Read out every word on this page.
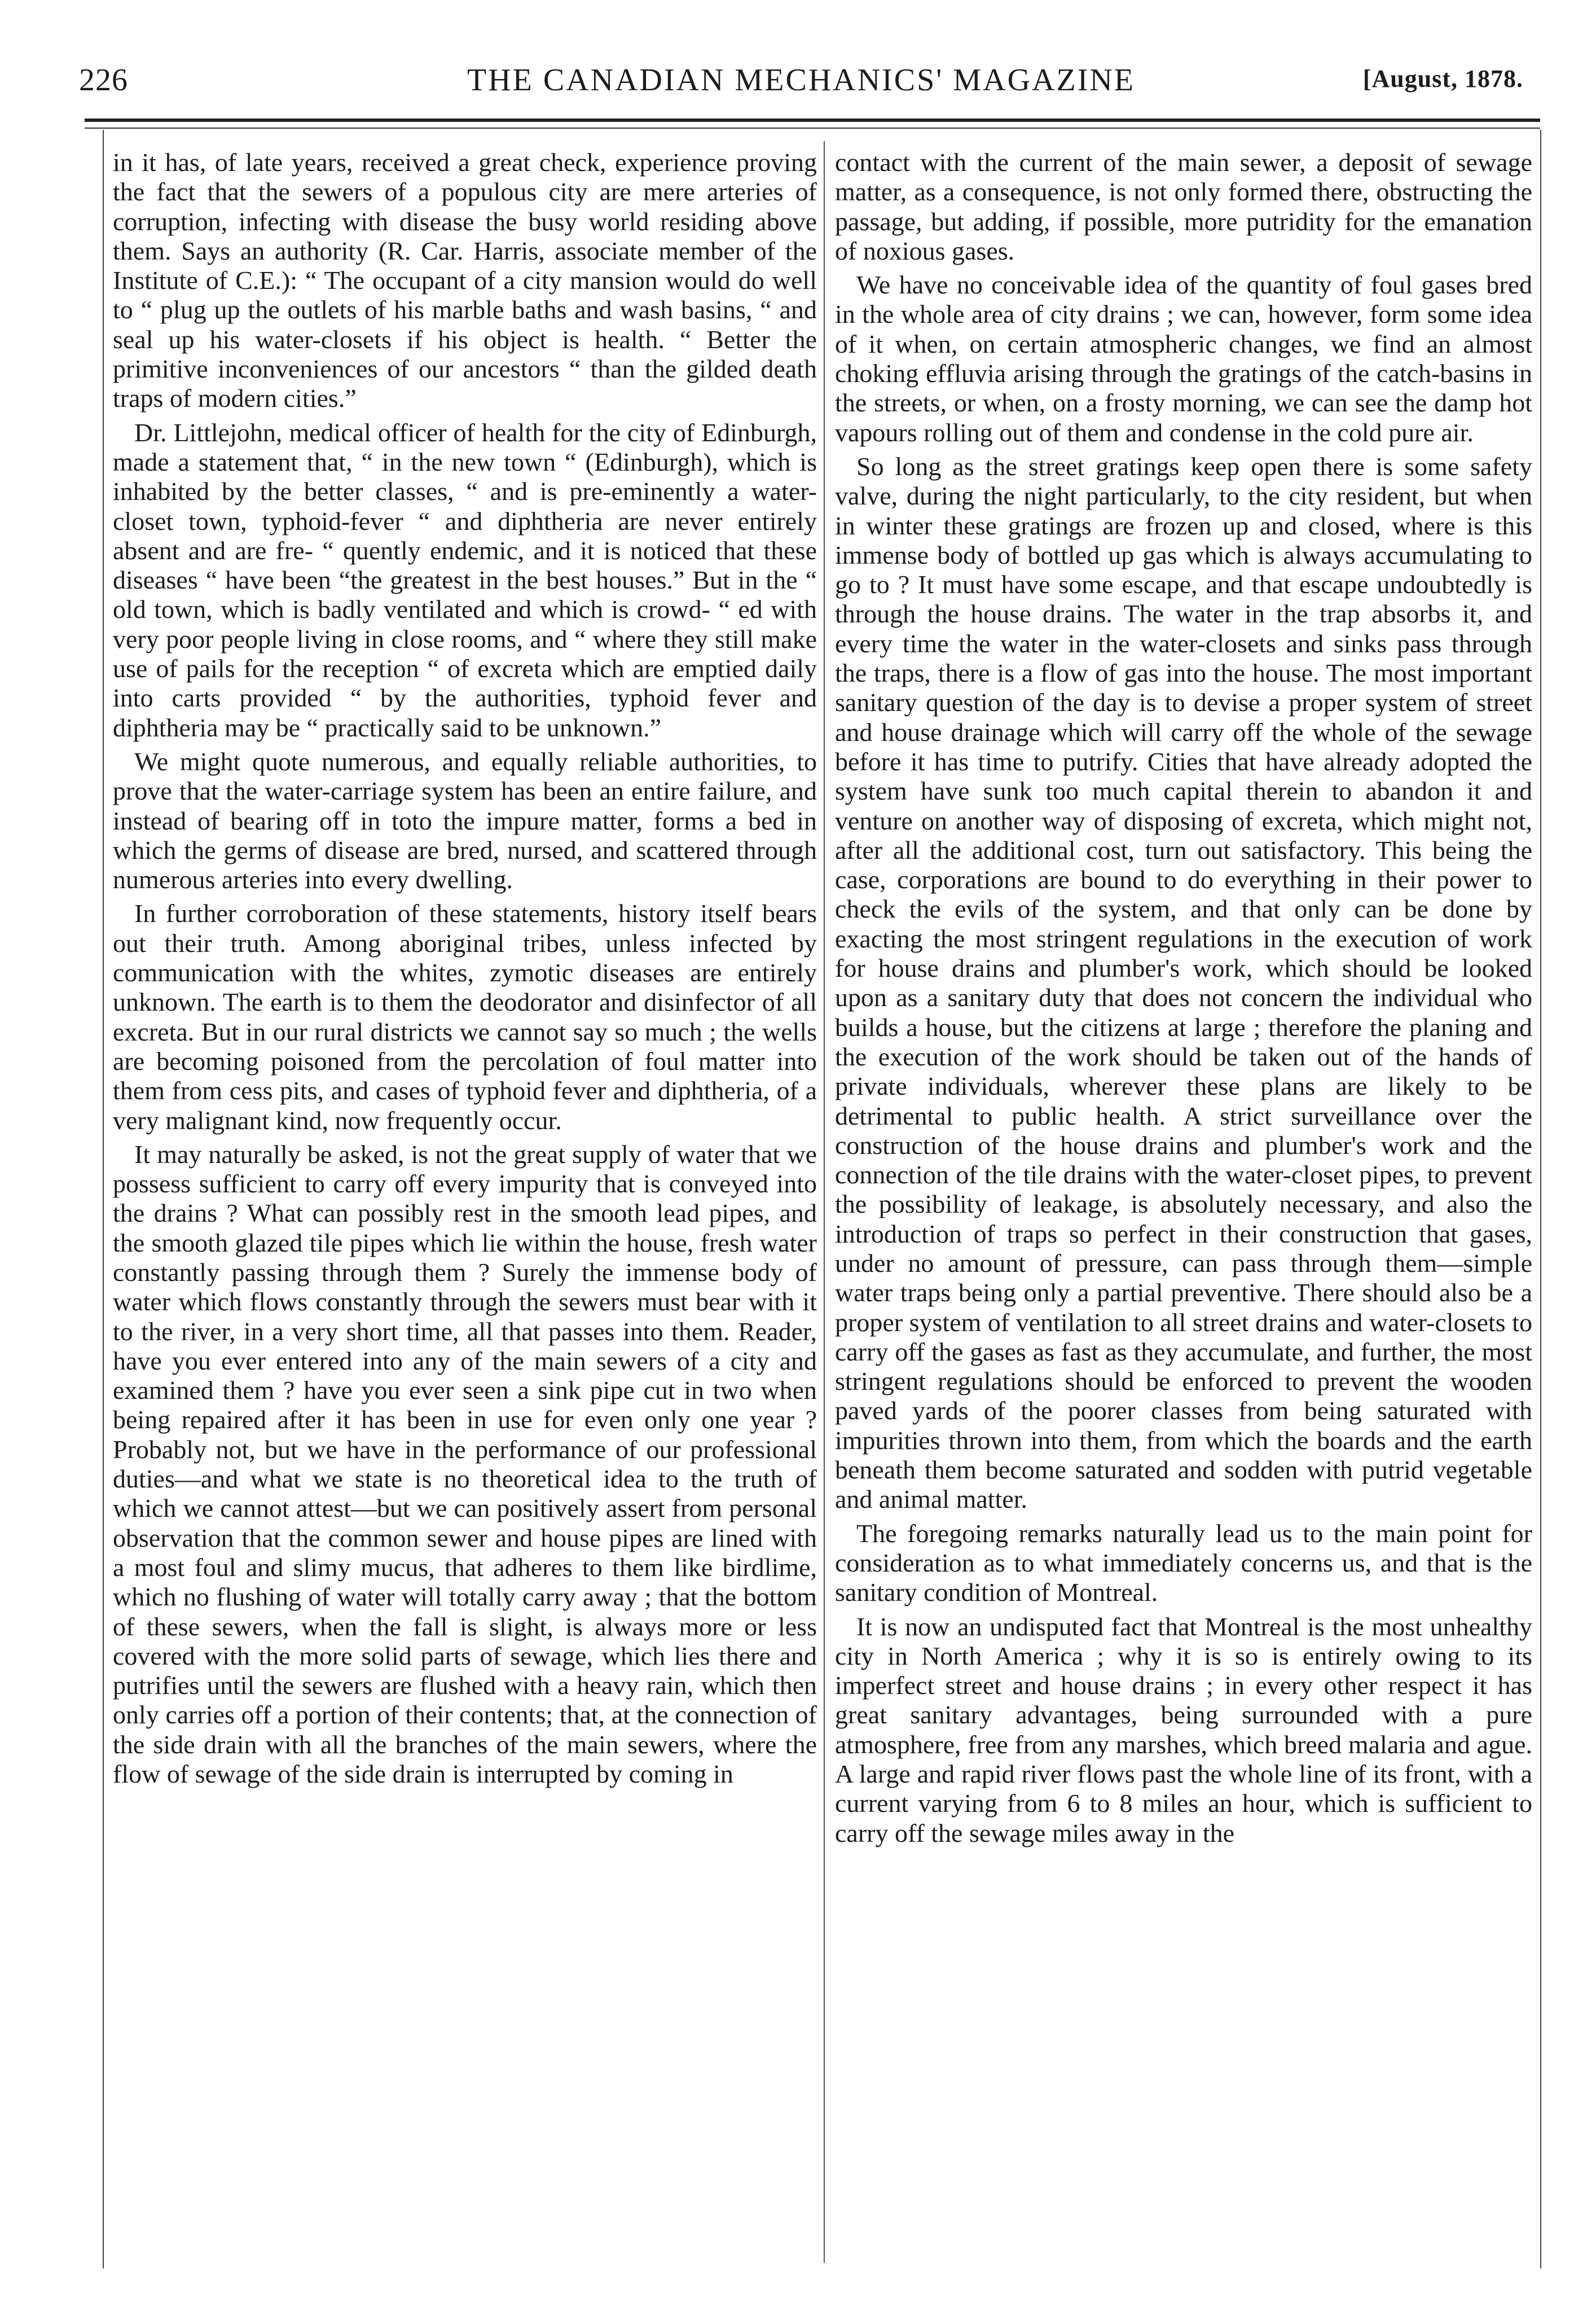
226	THE CANADIAN MECHANICS' MAGAZINE	[August, 1878.

in it has, of late years, received a great check, experience proving the fact that the sewers of a populous city are mere arteries of corruption, infecting with disease the busy world residing above them. Says an authority (R. Car. Harris, associate member of the Institute of C.E.): “ The occupant of a city mansion would do well to “ plug up the outlets of his marble baths and wash basins, “ and seal up his water-closets if his object is health. “ Better the primitive inconveniences of our ancestors “ than the gilded death traps of modern cities.”

Dr. Littlejohn, medical officer of health for the city of Edinburgh, made a statement that, “ in the new town “ (Edinburgh), which is inhabited by the better classes, “ and is pre-eminently a water-closet town, typhoid-fever “ and diphtheria are never entirely absent and are fre- “ quently endemic, and it is noticed that these diseases “ have been “the greatest in the best houses.” But in the “ old town, which is badly ventilated and which is crowd- “ ed with very poor people living in close rooms, and “ where they still make use of pails for the reception “ of excreta which are emptied daily into carts provided “ by the authorities, typhoid fever and diphtheria may be “ practically said to be unknown.”

We might quote numerous, and equally reliable authorities, to prove that the water-carriage system has been an entire failure, and instead of bearing off in toto the impure matter, forms a bed in which the germs of disease are bred, nursed, and scattered through numerous arteries into every dwelling.

In further corroboration of these statements, history itself bears out their truth. Among aboriginal tribes, unless infected by communication with the whites, zymotic diseases are entirely unknown. The earth is to them the deodorator and disinfector of all excreta. But in our rural districts we cannot say so much ; the wells are becoming poisoned from the percolation of foul matter into them from cess pits, and cases of typhoid fever and diphtheria, of a very malignant kind, now frequently occur.

It may naturally be asked, is not the great supply of water that we possess sufficient to carry off every impurity that is conveyed into the drains ? What can possibly rest in the smooth lead pipes, and the smooth glazed tile pipes which lie within the house, fresh water constantly passing through them ? Surely the immense body of water which flows constantly through the sewers must bear with it to the river, in a very short time, all that passes into them. Reader, have you ever entered into any of the main sewers of a city and examined them ? have you ever seen a sink pipe cut in two when being repaired after it has been in use for even only one year ? Probably not, but we have in the performance of our professional duties—and what we state is no theoretical idea to the truth of which we cannot attest—but we can positively assert from personal observation that the common sewer and house pipes are lined with a most foul and slimy mucus, that adheres to them like birdlime, which no flushing of water will totally carry away ; that the bottom of these sewers, when the fall is slight, is always more or less covered with the more solid parts of sewage, which lies there and putrifies until the sewers are flushed with a heavy rain, which then only carries off a portion of their contents; that, at the connection of the side drain with all the branches of the main sewers, where the flow of sewage of the side drain is interrupted by coming in

contact with the current of the main sewer, a deposit of sewage matter, as a consequence, is not only formed there, obstructing the passage, but adding, if possible, more putridity for the emanation of noxious gases.

We have no conceivable idea of the quantity of foul gases bred in the whole area of city drains ; we can, however, form some idea of it when, on certain atmospheric changes, we find an almost choking effluvia arising through the gratings of the catch-basins in the streets, or when, on a frosty morning, we can see the damp hot vapours rolling out of them and condense in the cold pure air.

So long as the street gratings keep open there is some safety valve, during the night particularly, to the city resident, but when in winter these gratings are frozen up and closed, where is this immense body of bottled up gas which is always accumulating to go to ? It must have some escape, and that escape undoubtedly is through the house drains. The water in the trap absorbs it, and every time the water in the water-closets and sinks pass through the traps, there is a flow of gas into the house. The most important sanitary question of the day is to devise a proper system of street and house drainage which will carry off the whole of the sewage before it has time to putrify. Cities that have already adopted the system have sunk too much capital therein to abandon it and venture on another way of disposing of excreta, which might not, after all the additional cost, turn out satisfactory. This being the case, corporations are bound to do everything in their power to check the evils of the system, and that only can be done by exacting the most stringent regulations in the execution of work for house drains and plumber's work, which should be looked upon as a sanitary duty that does not concern the individual who builds a house, but the citizens at large ; therefore the planing and the execution of the work should be taken out of the hands of private individuals, wherever these plans are likely to be detrimental to public health. A strict surveillance over the construction of the house drains and plumber's work and the connection of the tile drains with the water-closet pipes, to prevent the possibility of leakage, is absolutely necessary, and also the introduction of traps so perfect in their construction that gases, under no amount of pressure, can pass through them—simple water traps being only a partial preventive. There should also be a proper system of ventilation to all street drains and water-closets to carry off the gases as fast as they accumulate, and further, the most stringent regulations should be enforced to prevent the wooden paved yards of the poorer classes from being saturated with impurities thrown into them, from which the boards and the earth beneath them become saturated and sodden with putrid vegetable and animal matter.

The foregoing remarks naturally lead us to the main point for consideration as to what immediately concerns us, and that is the sanitary condition of Montreal.

It is now an undisputed fact that Montreal is the most unhealthy city in North America ; why it is so is entirely owing to its imperfect street and house drains ; in every other respect it has great sanitary advantages, being surrounded with a pure atmosphere, free from any marshes, which breed malaria and ague. A large and rapid river flows past the whole line of its front, with a current varying from 6 to 8 miles an hour, which is sufficient to carry off the sewage miles away in the
